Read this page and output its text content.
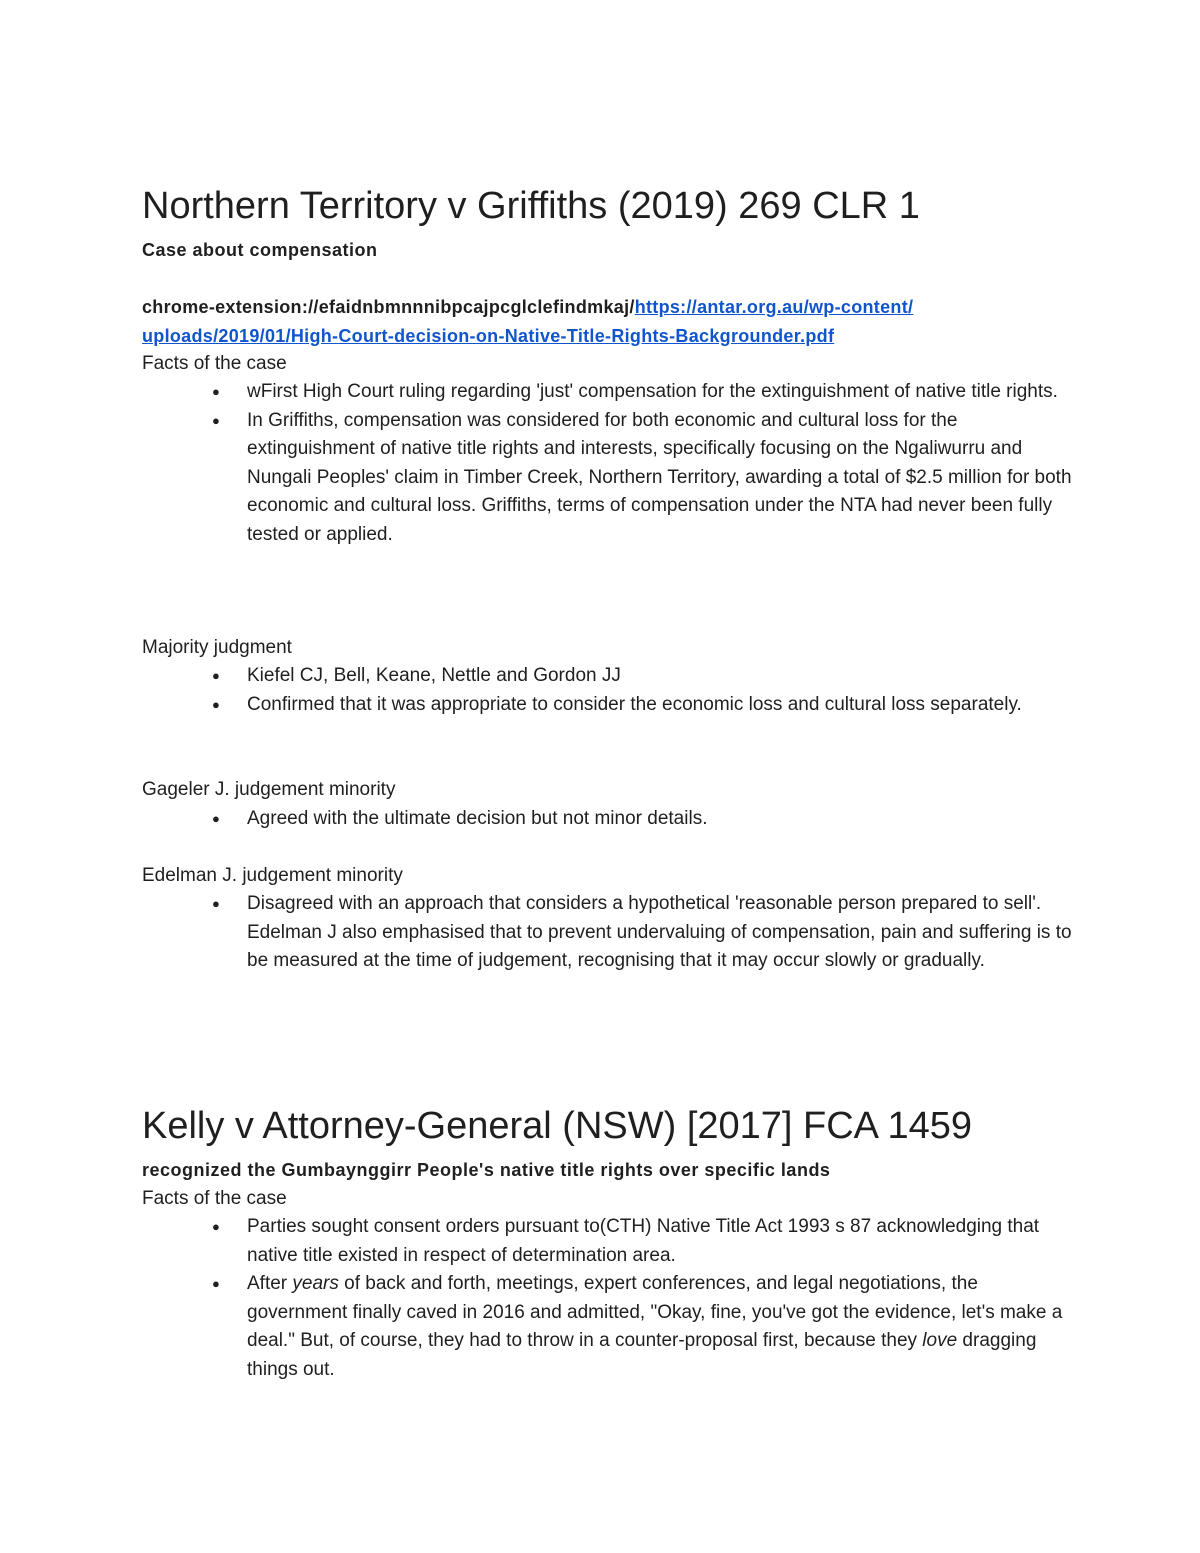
Northern Territory v Griffiths (2019) 269 CLR 1

Case about compensation

chrome-extension://efaidnbmnnnibpcajpcglclefindmkaj/https://antar.org.au/wp-content/
uploads/2019/01/High-Court-decision-on-Native-Title-Rights-Backgrounder.pdf

Facts of the case

● wFirst High Court ruling regarding 'just' compensation for the extinguishment of native title rights.
● In Griffiths, compensation was considered for both economic and cultural loss for the extinguishment of native title rights and interests, specifically focusing on the Ngaliwurru and Nungali Peoples' claim in Timber Creek, Northern Territory, awarding a total of $2.5 million for both economic and cultural loss. Griffiths, terms of compensation under the NTA had never been fully tested or applied.

Majority judgment

● Kiefel CJ, Bell, Keane, Nettle and Gordon JJ
● Confirmed that it was appropriate to consider the economic loss and cultural loss separately.

Gageler J. judgement minority

● Agreed with the ultimate decision but not minor details.

Edelman J. judgement minority

● Disagreed with an approach that considers a hypothetical 'reasonable person prepared to sell'. Edelman J also emphasised that to prevent undervaluing of compensation, pain and suffering is to be measured at the time of judgement, recognising that it may occur slowly or gradually.
Kelly v Attorney-General (NSW) [2017] FCA 1459

recognized the Gumbaynggirr People's native title rights over specific lands

Facts of the case

● Parties sought consent orders pursuant to(CTH) Native Title Act 1993 s 87 acknowledging that native title existed in respect of determination area.
● After years of back and forth, meetings, expert conferences, and legal negotiations, the government finally caved in 2016 and admitted, "Okay, fine, you've got the evidence, let's make a deal." But, of course, they had to throw in a counter-proposal first, because they love dragging things out.
